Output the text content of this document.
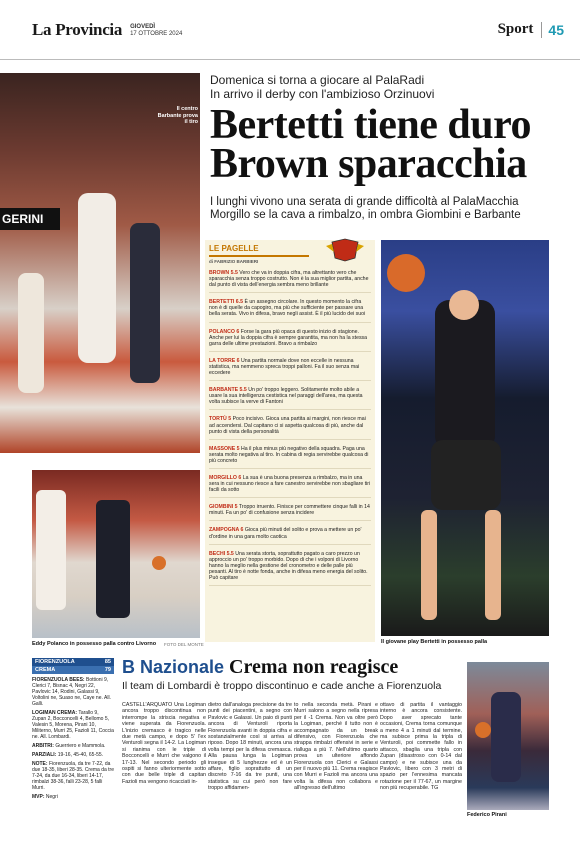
La Provincia GIOVEDÌ
17 OTTOBRE 2024	Sport	45
GERINI
Il centro Barbante prova il tiro
Eddy Polanco in possesso palla contro Livorno	FOTO DEL MONTE
Domenica si torna a giocare al PalaRadi
In arrivo il derby con l'ambizioso Orzinuovi
Bertetti tiene duro
Brown sparacchia
I lunghi vivono una serata di grande difficoltà al PalaMacchia
Morgillo se la cava a rimbalzo, in ombra Giombini e Barbante
LE PAGELLE
di FABRIZIO BARBIERI
BROWN 5.5 Vero che va in doppia cifra, ma altrettanto vero che sparacchia senza troppo costrutto. Non è la sua miglior partita, anche dal punto di vista dell'energia sembra meno brillante
BERTETTI 6.5 È un assegno circolare. In questo momento la cifra non è di quelle da capogiro, ma più che sufficiente per passare una bella serata. Vivo in difesa, bravo negli assist. È il più lucido dei suoi
POLANCO 6 Forse la gara più opaca di questo inizio di stagione. Anche per lui la doppia cifra è sempre garantita, ma non ha la stessa garra delle ultime prestazioni. Bravo a rimbalzo
LA TORRE 6 Una partita normale dove non eccelle in nessuna statistica, ma nemmeno spreca troppi palloni. Fa il suo senza mai eccedere
BARBANTE 5.5 Un po' troppo leggero. Solitamente molto abile a usare la sua intelligenza cestistica nel paraggi dell'area, ma questa volta subisce la verve di Fantoni
TORTÙ 5 Poco incisivo. Gioca una partita ai margini, non riesce mai ad accendersi. Dal capitano ci si aspetta qualcosa di più, anche dal punto di vista della personalità
MASSONE 5 Ha il plus minus più negativo della squadra. Paga una serata molto negativa al tiro. In cabina di regia servirebbe qualcosa di più concreto
MORGILLO 6 La sua è una buona presenza a rimbalzo, ma in una sera in cui nessuno riesce a fare canestro servirebbe non sbagliare tiri facili da sotto
GIOMBINI 5 Troppo irruento. Finisce per commettere cinque falli in 14 minuti. Fa un po' di confusione senza incidere
ZAMPOGNA 6 Gioca più minuti del solito e prova a mettere un po' d'ordine in una gara molto caotica
BECHI 5.5 Una serata storta, soprattutto pagato a caro prezzo un approccio un po' troppo morbido. Dopo di che i volponi di Livorno hanno la meglio nella gestione del cronometro e delle palle più pesanti. Al tiro è notte fonda, anche in difesa meno energia del solito. Può capitare
Il giovane play Bertetti in possesso palla
FIORENZUOLA	85
CREMA	79

FIORENZUOLA BEES: Bottioni 9, Clerici 7, Bisnac 4, Negri 22, Pavlovic 14, Rodini, Galassi 9, Voltolini ne, Suaso ne, Caye ne. All. Galli.

LOGIMAN CREMA: Tarallo 9, Zupan 2, Bocconcelli 4, Bellomo 5, Valesin 5, Morena, Pirani 10, Militerno, Murri 25, Fazioli 11, Coccia ne. All. Lombardi.

ARBITRI: Guerriero e Mammola.

PARZIALI: 19-16, 45-40, 65-55.

NOTE: Fiorenzuola, da tre 7-22, da due 18-35, liberi 28-35. Crema da tre 7-24, da due 16-34, liberi 14-17, rimbalzi 38-36, falli 23-28, 5 falli Murri.

MVP: Negri

B Nazionale Crema non reagisce
Il team di Lombardi è troppo discontinuo e cade anche a Fiorenzuola
CASTELL'ARQUATO Una Logiman ancora troppo discontinua non interrompe la striscia negativa e viene superata da Fiorenzuola. L'inizio cremasco è tragico nelle due metà campo, e dopo 5' l'ex Venturoli segna il 14-2. La Logiman si rianima con le triple di Bocconcelli e Murri che valgono il 17-13. Nel secondo periodo gli ospiti si fanno ulteriormente sotto con due belle triple di capitan Fazioli ma vengono ricacciati in-
dietro dall'analoga precisione da tre punti dei piacentini, a segno con Pavlovic e Galassi. Un paio di punti ancora di Venturoli riporta Fiorenzuola avanti in doppia cifra e sostanzialmente così si arriva al riposo. Dopo 18 minuti, ancora una volta tempi per la difesa cremasca. Alla pausa lunga la Logiman insegue di 5 lunghezze ed è un affare, figlio soprattutto di un discreto 7-16 da tre punti, una statistica su cui però non fare troppo affidamen-
to nella seconda metà. Pirani e Murri salono a segno nella ripresa per il -1 Crema. Non va oltre però la Logiman, perché il tutto non è accompagnato da un break difensivo, con Fiorenzuola che strappa rimbalzi offensivi in serie e rialluga a più 7. Nell'ultimo quarto prova un ulteriore affondo Fiorenzuola con Clerici e Galassi per il nuovo più 11. Crema reagisce con Murri e Fazioli ma ancora una volta la difesa non collabora e all'ingresso dell'ultimo
ottavo di partita il vantaggio interno è ancora consistente. Dopo aver sprecato tante occasioni, Crema torna comunque a meno 4 a 1 minuti dal termine, ma subisce prima la tripla di Venturoli, poi commette fallo in attacco, sbaglia una tripla con Zupan (disastroso con 0-14 dal campo) e ne subisce una da Pavlovic, libero con 3 metri di spazio per l'ennesima mancata rotazione per il 77-67, un margine non più recuperabile. TG
Federico Pirani
